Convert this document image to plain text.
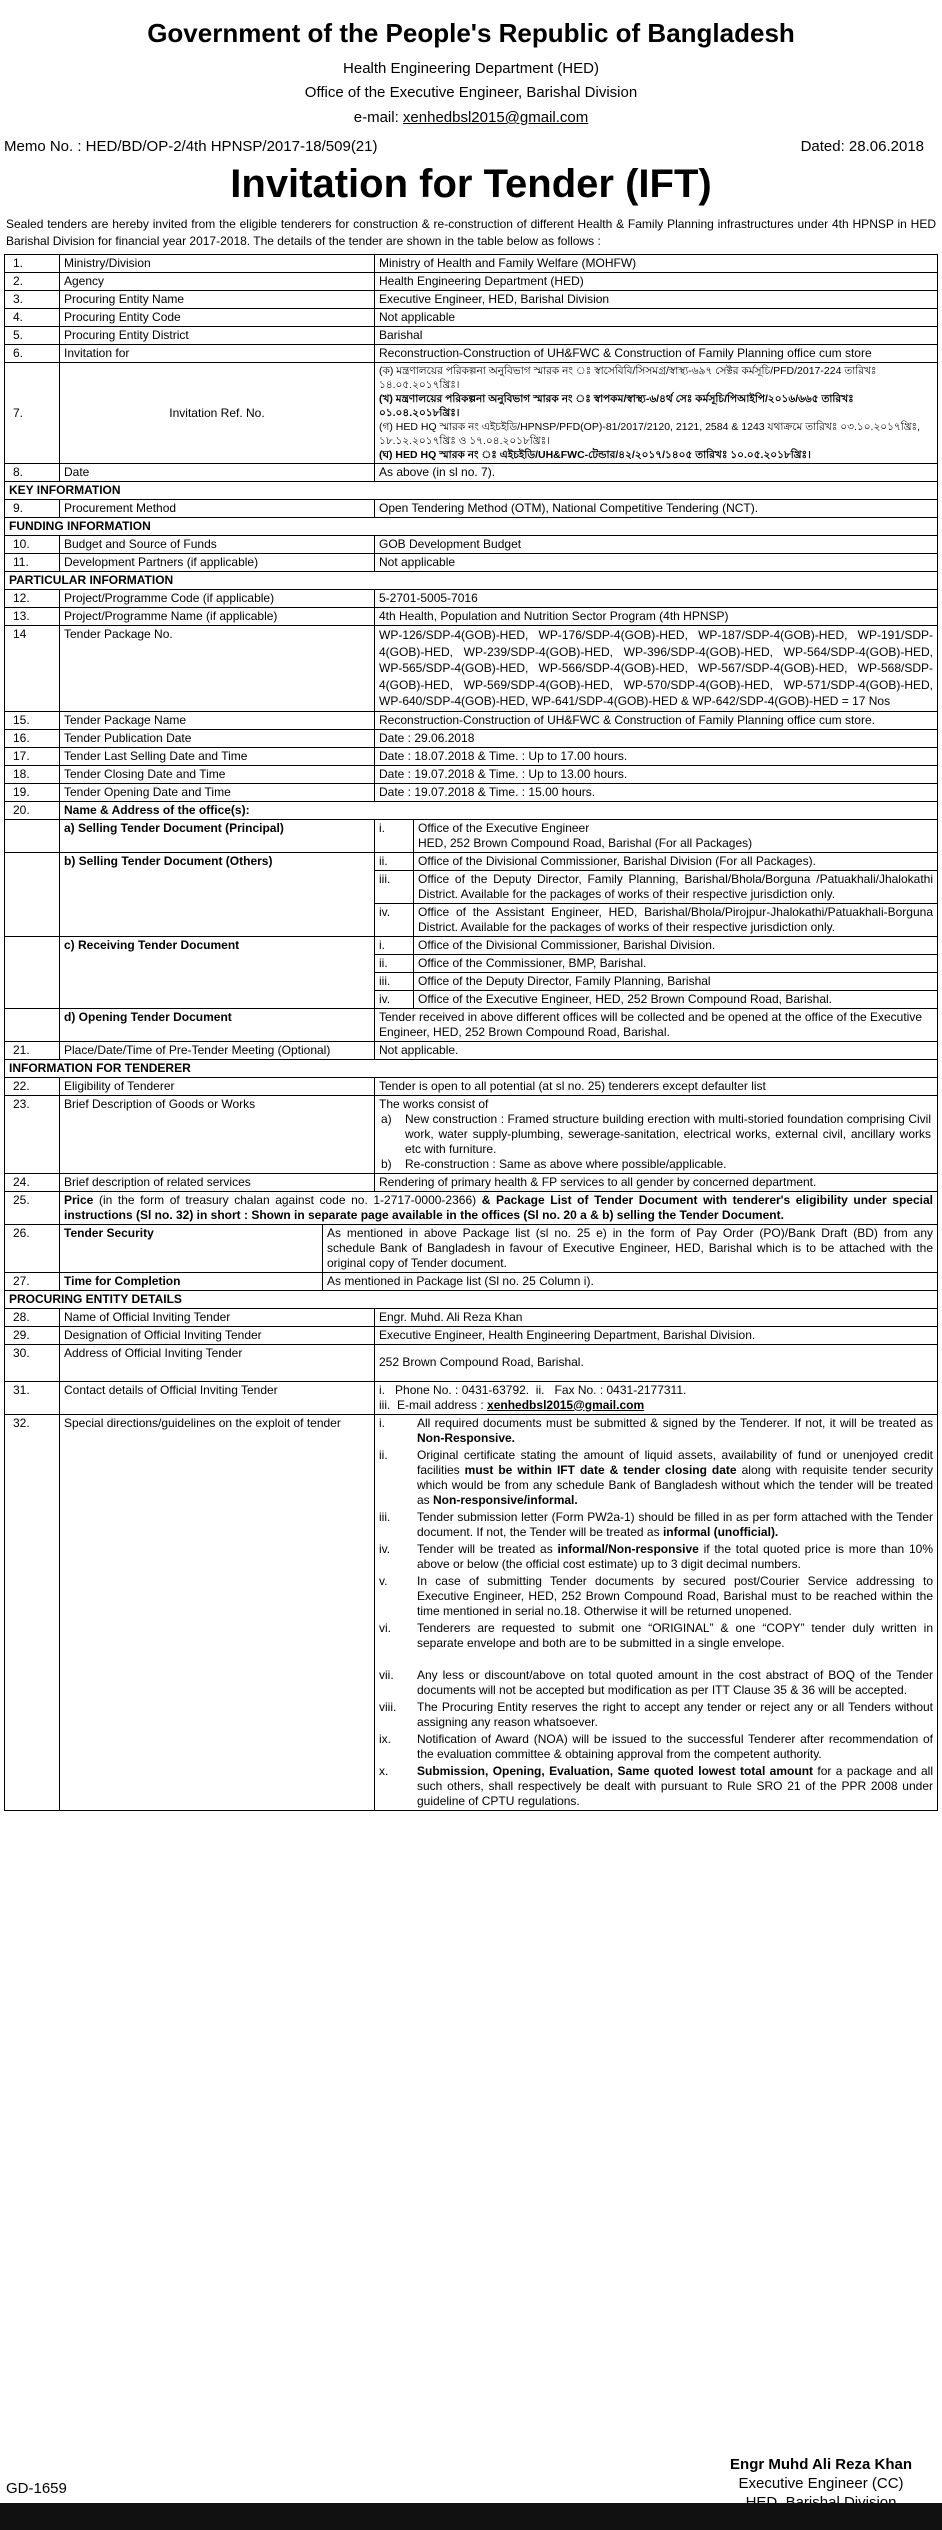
Government of the People's Republic of Bangladesh
Health Engineering Department (HED)
Office of the Executive Engineer, Barishal Division
e-mail: xenhedbsl2015@gmail.com
Memo No. : HED/BD/OP-2/4th HPNSP/2017-18/509(21)	Dated: 28.06.2018
Invitation for Tender (IFT)
Sealed tenders are hereby invited from the eligible tenderers for construction & re-construction of different Health & Family Planning infrastructures under 4th HPNSP in HED Barishal Division for financial year 2017-2018. The details of the tender are shown in the table below as follows :
1.	Ministry/Division	Ministry of Health and Family Welfare (MOHFW)
2.	Agency	Health Engineering Department (HED)
3.	Procuring Entity Name	Executive Engineer, HED, Barishal Division
4.	Procuring Entity Code	Not applicable
5.	Procuring Entity District	Barishal
6.	Invitation for	Reconstruction-Construction of UH&FWC & Construction of Family Planning office cum store
7.	Invitation Ref. No.	
(ক) মন্ত্রণালয়ের পরিকল্পনা অনুবিভাগ স্মারক নং ঃ স্বাসেবিবি/সিসমগ্র/স্বাস্থ্য-৬৯৭ সেক্টর কর্মসূচি/PFD/2017-224 তারিখঃ ১৪.০৫.২০১৭খ্রিঃ।
(খ) মন্ত্রণালয়ের পরিকল্পনা অনুবিভাগ স্মারক নং ঃ স্বাপকম/স্বাস্থ্য-৬/৪র্থ সেঃ কর্মসূচি/পিআইপি/২০১৬/৬৬৫ তারিখঃ ০১.০৪.২০১৮খ্রিঃ।
(গ) HED HQ স্মারক নং এইচইডি/HPNSP/PFD(OP)-81/2017/2120, 2121, 2584 & 1243 যথাক্রমে তারিখঃ ০৩.১০.২০১৭খ্রিঃ, ১৮.১২.২০১৭খ্রিঃ ও ১৭.০৪.২০১৮খ্রিঃ।
(ঘ) HED HQ স্মারক নং ঃ এইচইডি/UH&FWC-টেন্ডার/৪২/২০১৭/১৪০৫ তারিখঃ ১০.০৫.২০১৮খ্রিঃ।

8.	Date	As above (in sl no. 7).
KEY INFORMATION
9.	Procurement Method	Open Tendering Method (OTM), National Competitive Tendering (NCT).
FUNDING INFORMATION
10.	Budget and Source of Funds	GOB Development Budget
11.	Development Partners (if applicable)	Not applicable
PARTICULAR INFORMATION
12.	Project/Programme Code (if applicable)	5-2701-5005-7016
13.	Project/Programme Name (if applicable)	4th Health, Population and Nutrition Sector Program (4th HPNSP)
14	Tender Package No.	WP-126/SDP-4(GOB)-HED, WP-176/SDP-4(GOB)-HED, WP-187/SDP-4(GOB)-HED, WP-191/SDP-4(GOB)-HED, WP-239/SDP-4(GOB)-HED, WP-396/SDP-4(GOB)-HED, WP-564/SDP-4(GOB)-HED, WP-565/SDP-4(GOB)-HED, WP-566/SDP-4(GOB)-HED, WP-567/SDP-4(GOB)-HED, WP-568/SDP-4(GOB)-HED, WP-569/SDP-4(GOB)-HED, WP-570/SDP-4(GOB)-HED, WP-571/SDP-4(GOB)-HED, WP-640/SDP-4(GOB)-HED, WP-641/SDP-4(GOB)-HED & WP-642/SDP-4(GOB)-HED = 17 Nos
15.	Tender Package Name	Reconstruction-Construction of UH&FWC & Construction of Family Planning office cum store.
16.	Tender Publication Date	Date : 29.06.2018
17.	Tender Last Selling Date and Time	Date : 18.07.2018 & Time. : Up to 17.00 hours.
18.	Tender Closing Date and Time	Date : 19.07.2018 & Time. : Up to 13.00 hours.
19.	Tender Opening Date and Time	Date : 19.07.2018 & Time. : 15.00 hours.
20.	Name & Address of the office(s):
	a) Selling Tender Document (Principal)		i.	Office of the Executive Engineer
HED, 252 Brown Compound Road, Barishal (For all Packages)

	b) Selling Tender Document (Others)		ii.	Office of the Divisional Commissioner, Barishal Division (For all Packages).
iii.	Office of the Deputy Director, Family Planning, Barishal/Bhola/Borguna /Patuakhali/Jhalokathi District. Available for the packages of works of their respective jurisdiction only.
iv.	Office of the Assistant Engineer, HED, Barishal/Bhola/Pirojpur-Jhalokathi/Patuakhali-Borguna District. Available for the packages of works of their respective jurisdiction only.

	c) Receiving Tender Document		i.	Office of the Divisional Commissioner, Barishal Division.
ii.	Office of the Commissioner, BMP, Barishal.
iii.	Office of the Deputy Director, Family Planning, Barishal
iv.	Office of the Executive Engineer, HED, 252 Brown Compound Road, Barishal.

	d) Opening Tender Document	Tender received in above different offices will be collected and be opened at the office of the Executive Engineer, HED, 252 Brown Compound Road, Barishal.
21.	Place/Date/Time of Pre-Tender Meeting (Optional)	Not applicable.
INFORMATION FOR TENDERER
22.	Eligibility of Tenderer	Tender is open to all potential (at sl no. 25) tenderers except defaulter list
23.	Brief Description of Goods or Works	The works consist of
a)	New construction : Framed structure building erection with multi-storied foundation comprising Civil work, water supply-plumbing, sewerage-sanitation, electrical works, external civil, ancillary works etc with furniture.
b)	Re-construction : Same as above where possible/applicable.

24.	Brief description of related services	Rendering of primary health & FP services to all gender by concerned department.
25.	Price (in the form of treasury chalan against code no. 1-2717-0000-2366) & Package List of Tender Document with tenderer's eligibility under special instructions (Sl no. 32) in short : Shown in separate page available in the offices (Sl no. 20 a & b) selling the Tender Document.
26.		Tender Security	As mentioned in above Package list (sl no. 25 e) in the form of Pay Order (PO)/Bank Draft (BD) from any schedule Bank of Bangladesh in favour of Executive Engineer, HED, Barishal which is to be attached with the original copy of Tender document.

27.		Time for Completion	As mentioned in Package list (Sl no. 25 Column i).

PROCURING ENTITY DETAILS
28.	Name of Official Inviting Tender	Engr. Muhd. Ali Reza Khan
29.	Designation of Official Inviting Tender	Executive Engineer, Health Engineering Department, Barishal Division.
30.	Address of Official Inviting Tender	252 Brown Compound Road, Barishal.
31.	Contact details of Official Inviting Tender	i. Phone No. : 0431-63792. ii. Fax No. : 0431-2177311.
iii. E-mail address : xenhedbsl2015@gmail.com

32.	Special directions/guidelines on the exploit of tender		i.	All required documents must be submitted & signed by the Tenderer. If not, it will be treated as Non-Responsive.
ii.	Original certificate stating the amount of liquid assets, availability of fund or unenjoyed credit facilities must be within IFT date & tender closing date along with requisite tender security which would be from any schedule Bank of Bangladesh without which the tender will be treated as Non-responsive/informal.
iii.	Tender submission letter (Form PW2a-1) should be filled in as per form attached with the Tender document. If not, the Tender will be treated as informal (unofficial).
iv.	Tender will be treated as informal/Non-responsive if the total quoted price is more than 10% above or below (the official cost estimate) up to 3 digit decimal numbers.
v.	In case of submitting Tender documents by secured post/Courier Service addressing to Executive Engineer, HED, 252 Brown Compound Road, Barishal must to be reached within the time mentioned in serial no.18. Otherwise it will be returned unopened.
vi.	Tenderers are requested to submit one “ORIGINAL” & one “COPY” tender duly written in separate envelope and both are to be submitted in a single envelope.
vii.	Any less or discount/above on total quoted amount in the cost abstract of BOQ of the Tender documents will not be accepted but modification as per ITT Clause 35 & 36 will be accepted.
viii.	The Procuring Entity reserves the right to accept any tender or reject any or all Tenders without assigning any reason whatsoever.
ix.	Notification of Award (NOA) will be issued to the successful Tenderer after recommendation of the evaluation committee & obtaining approval from the competent authority.
x.	Submission, Opening, Evaluation, Same quoted lowest total amount for a package and all such others, shall respectively be dealt with pursuant to Rule SRO 21 of the PPR 2008 under guideline of CPTU regulations.
GD-1659
Engr Muhd Ali Reza Khan
Executive Engineer (CC)
